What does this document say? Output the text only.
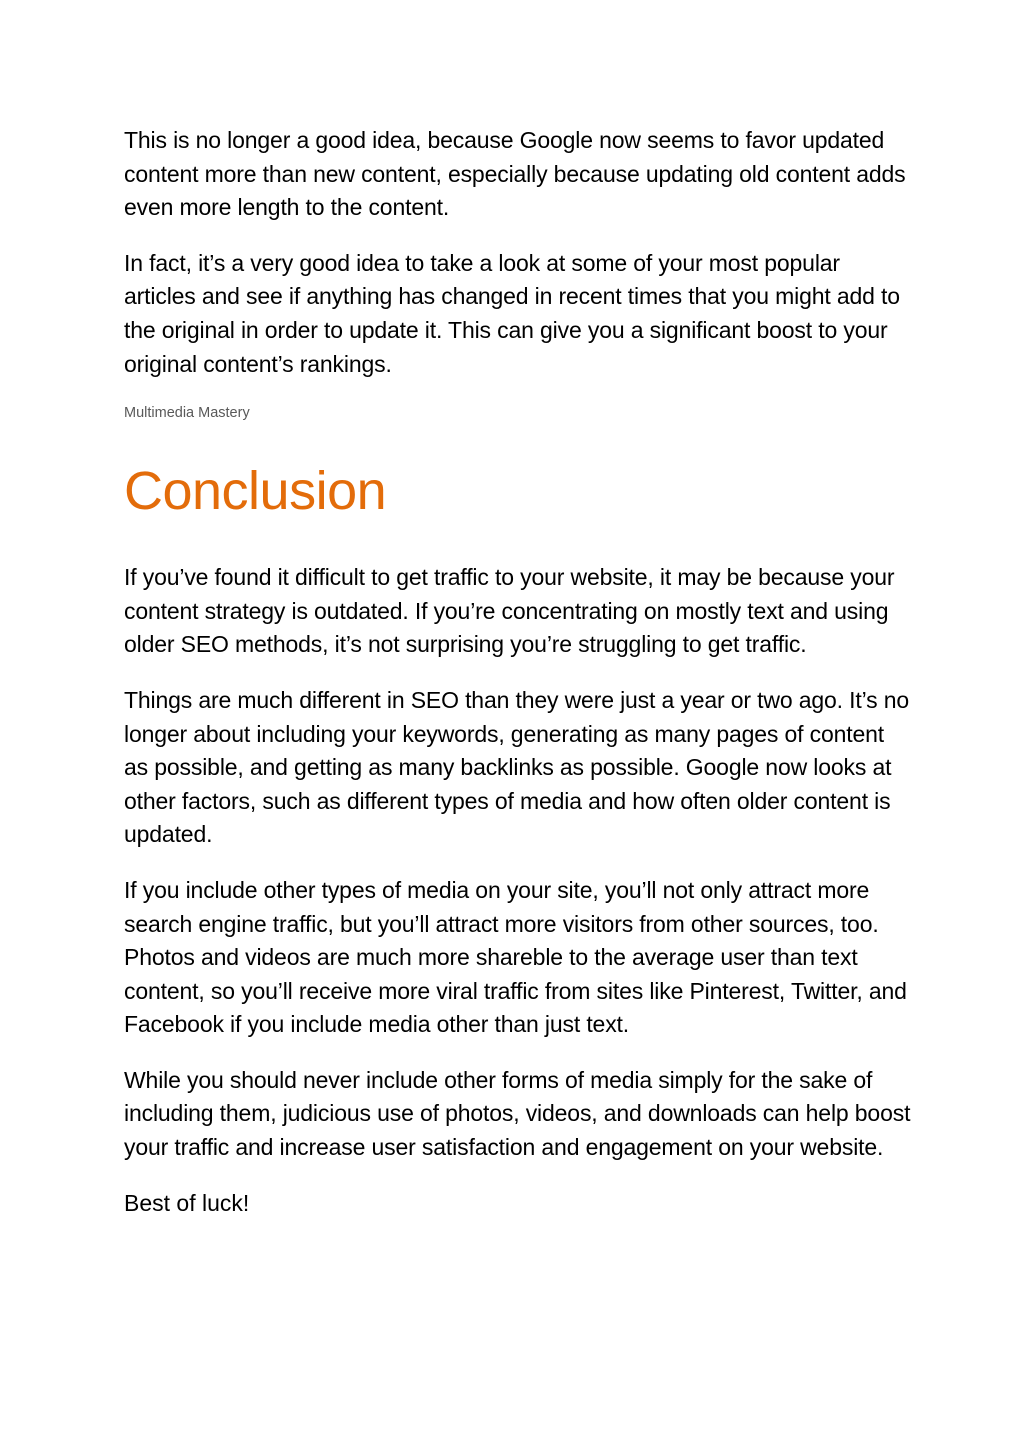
This is no longer a good idea, because Google now seems to favor updated content more than new content, especially because updating old content adds even more length to the content.

In fact, it’s a very good idea to take a look at some of your most popular articles and see if anything has changed in recent times that you might add to the original in order to update it. This can give you a significant boost to your original content’s rankings.

Multimedia Mastery

Conclusion

If you’ve found it difficult to get traffic to your website, it may be because your content strategy is outdated. If you’re concentrating on mostly text and using older SEO methods, it’s not surprising you’re struggling to get traffic.

Things are much different in SEO than they were just a year or two ago. It’s no longer about including your keywords, generating as many pages of content as possible, and getting as many backlinks as possible. Google now looks at other factors, such as different types of media and how often older content is updated.

If you include other types of media on your site, you’ll not only attract more search engine traffic, but you’ll attract more visitors from other sources, too. Photos and videos are much more shareble to the average user than text content, so you’ll receive more viral traffic from sites like Pinterest, Twitter, and Facebook if you include media other than just text.

While you should never include other forms of media simply for the sake of including them, judicious use of photos, videos, and downloads can help boost your traffic and increase user satisfaction and engagement on your website.

Best of luck!
